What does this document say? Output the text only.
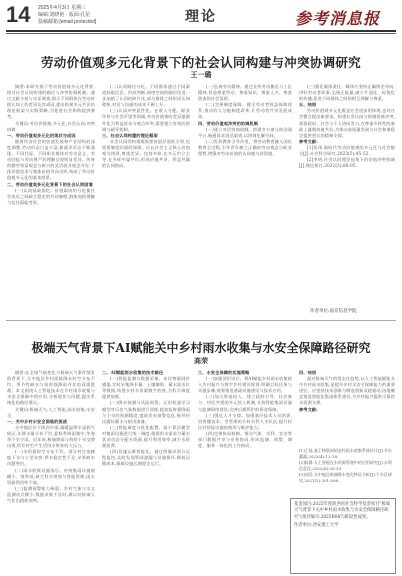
14 2025年4月3日 星期三
编辑:刘晓艳 · 版面:孔星
投稿邮箱:[email protected]	理论	参考消息报
劳动价值观多元化背景下的社会认同构建与冲突协调研究
王一璐
摘要:本研究基于劳动价值观多元化背景,探讨社会认同构建的路径与冲突协调机制。通过文献分析与实证调查,揭示不同群体在劳动价值认知上的差异及其成因,提出构建多元共识的理论框架与实践策略,为促进社会和谐提供参考。
关键词:劳动价值观;多元化;社会认同;冲突协调
一、劳动价值观多元化的现状与成因
随着经济社会的快速发展和产业结构的深度调整,劳动形态日益丰富,新就业形态不断涌现。不同代际、不同职业群体对劳动意义、劳动回报与劳动尊严的理解呈现明显差异。传统的勤劳致富观念与新兴的灵活就业观念并存,个体价值追求与集体价值导向交织,构成了劳动价值观多元化的基本图景。
二、劳动价值观多元化背景下的社会认同困境
(一)认同基础弱化。价值取向的分化使社会成员之间缺乏稳定的共同参照,群体间的理解与信任面临考验。
(二)认同路径分化。不同群体通过不同渠道获取信息、形成判断,网络空间的圈层化进一步加剧了认同的碎片化,部分群体之间形成认知壁垒,对话与沟通的成本不断上升。
(三)认同冲突显性化。在收入分配、职业评价与社会声望等领域,劳动价值观的差异逐渐外化为利益诉求与观点冲突,需要建立有效的协调与疏导机制。
三、社会认同构建的理论框架
社会认同的构建既需要价值层面的引领,也需要制度层面的保障。应以社会主义核心价值观为统领,尊重差异、包容多样,在多元中立主导,在多样中谋共识,形成价值共享、利益共赢的认同格局。
(一)弘扬劳动精神。通过宣传劳动模范与工匠精神,营造尊重劳动、尊重知识、尊重人才、尊重创造的社会氛围。
(二)完善制度保障。健全劳动者权益保障体系,推动收入分配制度改革,让劳动者共享发展成果。
四、劳动价值观冲突的协调机制
(一)建立对话协商机制。搭建多方参与的沟通平台,畅通诉求表达渠道,以协商化解分歧。
(二)发挥教育引导作用。将劳动教育融入国民教育全过程,引导青年树立正确的劳动观念与职业理想,增强对劳动价值的认同感与获得感。
(三)强化媒体责任。媒体应坚持正确舆论导向,讲好劳动者故事,弘扬正能量,减少片面化、标签化的传播,促进不同群体之间的相互理解与尊重。
五、结语
劳动价值观多元化既是社会进步的体现,也对社会整合提出新要求。构建社会认同与协调价值冲突,需要政府、社会与个人协同发力,在尊重多样性的基础上凝聚价值共识,为推动高质量发展与社会和谐稳定提供坚实的精神支撑。
参考文献:
[1]张伟.新时代劳动价值观的多元化与社会整合[J].社会科学研究,2023(5):45-52.
[2]李明.社会认同理论视角下的价值冲突协调[J].理论探讨,2022(3):88-95.
作者单位:南京信息学院
极端天气背景下AI赋能关中乡村雨水收集与水安全保障路径研究
高荣
摘要:在全球气候变化与极端天气事件频发的背景下,关中地区乡村面临降水时空分布不均、季节性缺水与短时强降雨并存的双重挑战。本文围绕人工智能技术在乡村雨水收集与水安全保障中的应用,分析现状与问题,提出系统化的路径建议。
关键词:极端天气;人工智能;雨水收集;水安全
一、关中乡村水安全面临的挑战
关中地区位于陕西中部,属暖温带半湿润气候区,年降水量分布不均,夏秋季降雨集中,冬春季干旱少雨。近年来,极端降雨与持续干旱交替出现,给乡村生产生活用水带来较大压力。
(一)水资源时空分布不均。部分村庄依赖地下水与小型水窖,供水稳定性不足,旱季缺水问题突出。
(二)雨水收集设施落后。传统集雨设施规模小、效率低,缺乏科学规划与智能管理,雨水资源利用率不高。
(三)监测预警能力薄弱。乡村气象与水文监测站点稀少,数据采集不及时,难以对极端天气作出精准预判。
二、AI赋能雨水收集的技术路径
(一)智能监测与数据采集。布设物联网传感器,实时采集降水量、土壤墒情、蓄水池水位等数据,构建乡村水资源数字底座,为科学调度提供依据。
(二)降水预测与风险预警。运用机器学习模型对历史气象数据进行训练,提高短时强降雨与干旱的预测精度,提前发布预警信息,指导村民做好蓄水与防汛准备。
(三)智能调度与优化配置。基于算法模型对集雨设施进行统一调度,根据用水需求与蓄水状况动态分配水资源,提升利用效率,减少水资源浪费。
(四)设施运维智能化。通过图像识别与远程监控,及时发现管网渗漏与设施损坏,降低运维成本,保障设施长期稳定运行。
三、水安全保障的实施策略
(一)加强顶层设计。将AI赋能乡村雨水收集纳入乡村振兴与数字乡村建设规划,明确目标任务与实施步骤,统筹推进基础设施建设与技术应用。
(二)加大资金投入。建立政府引导、社会参与、村民共建的多元投入机制,支持智能集雨设施与监测网络建设,完善后期管护的资金保障。
(三)强化人才支撑。加强基层技术人员培训,培育懂技术、会管理的乡村水利人才队伍,提升村民对智能设施的使用与维护能力。
(四)完善协同机制。推动气象、水利、农业等部门数据共享与业务协同,形成监测、预警、调度、服务一体化的工作格局。
四、结语
面对极端天气的常态化趋势,以人工智能赋能关中乡村雨水收集,是提升乡村水安全保障能力的重要途径。应坚持技术创新与制度创新双轮驱动,因地制宜推进智能化集雨体系建设,为乡村振兴提供可靠的水资源支撑。
参考文献:
[1]王磊.基于物联网的农村雨水收集系统设计[J].节水灌溉,2023(4):12-18.
[2]陈静.人工智能在水资源管理中的应用研究[J].水利信息化,2022(6):33-39.
[3]刘洋.关中地区极端降水变化特征分析[J].干旱区研究,2021(2):201-208.
基金项目:2025年度陕西省社会科学基金项目"极端天气背景下关中乡村雨水收集与水安全保障路径研究"(项目编号:2025R087)阶段性成果。
作者单位:西安理工大学
